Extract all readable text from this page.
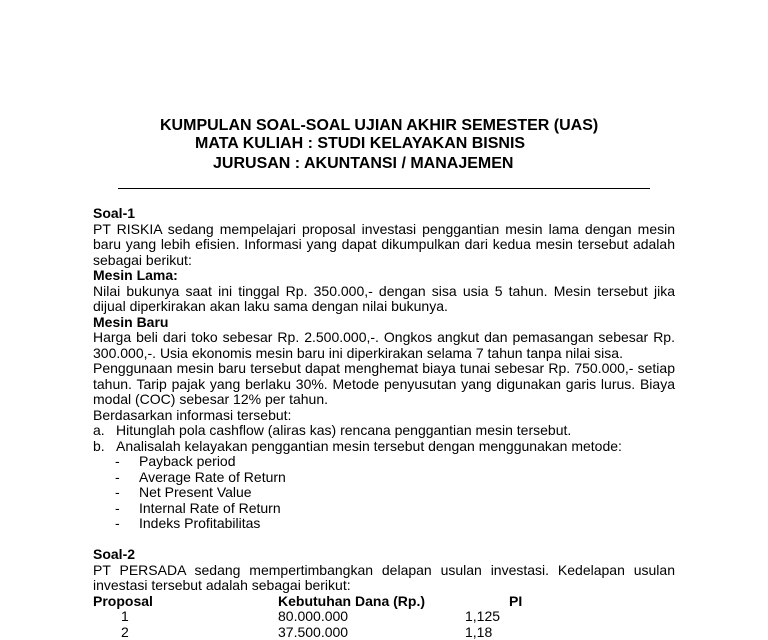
KUMPULAN SOAL-SOAL UJIAN AKHIR SEMESTER (UAS)
MATA KULIAH : STUDI KELAYAKAN BISNIS
JURUSAN : AKUNTANSI / MANAJEMEN

Soal-1

PT RISKIA sedang mempelajari proposal investasi penggantian mesin lama dengan mesin baru yang lebih efisien. Informasi yang dapat dikumpulkan dari kedua mesin tersebut adalah sebagai berikut:

Mesin Lama:

Nilai bukunya saat ini tinggal Rp. 350.000,- dengan sisa usia 5 tahun. Mesin tersebut jika dijual diperkirakan akan laku sama dengan nilai bukunya.

Mesin Baru

Harga beli dari toko sebesar Rp. 2.500.000,-. Ongkos angkut dan pemasangan sebesar Rp. 300.000,-. Usia ekonomis mesin baru ini diperkirakan selama 7 tahun tanpa nilai sisa.

Penggunaan mesin baru tersebut dapat menghemat biaya tunai sebesar Rp. 750.000,- setiap tahun. Tarip pajak yang berlaku 30%. Metode penyusutan yang digunakan garis lurus. Biaya modal (COC) sebesar 12% per tahun.

Berdasarkan informasi tersebut:

a. Hitunglah pola cashflow (aliras kas) rencana penggantian mesin tersebut.
b. Analisalah kelayakan penggantian mesin tersebut dengan menggunakan metode:
- Payback period
- Average Rate of Return
- Net Present Value
- Internal Rate of Return
- Indeks Profitabilitas

Soal-2

PT PERSADA sedang mempertimbangkan delapan usulan investasi. Kedelapan usulan investasi tersebut adalah sebagai berikut:

Proposal	Kebutuhan Dana (Rp.)	PI
1	80.000.000	1,125
2	37.500.000	1,18
